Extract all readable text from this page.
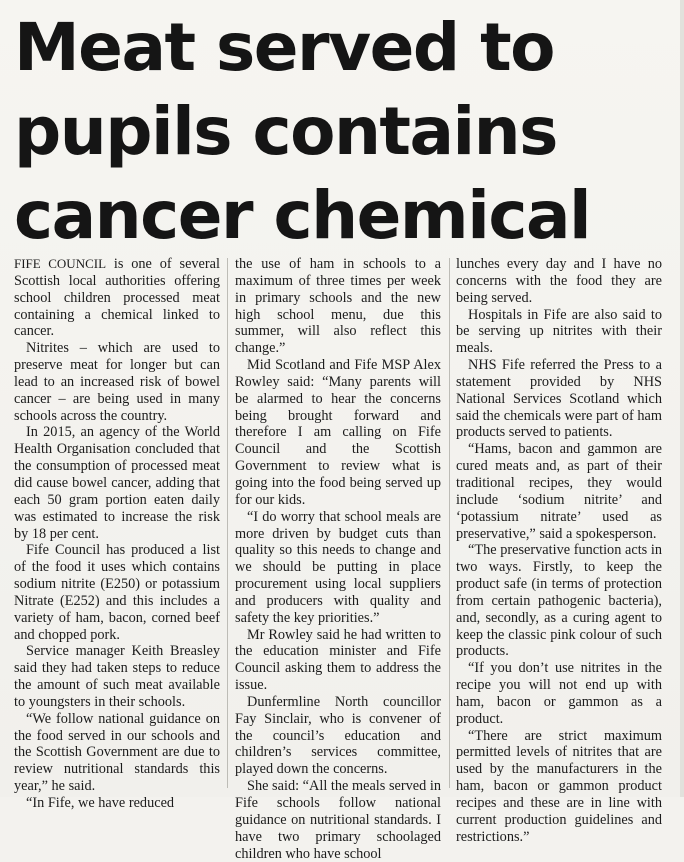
Meat served to
pupils contains
cancer chemical

FIFE COUNCIL is one of several Scottish local authorities offering school children processed meat containing a chemical linked to cancer.

Nitrites – which are used to preserve meat for longer but can lead to an increased risk of bowel cancer – are being used in many schools across the country.

In 2015, an agency of the World Health Organisation concluded that the consumption of processed meat did cause bowel cancer, adding that each 50 gram portion eaten daily was estimated to increase the risk by 18 per cent.

Fife Council has produced a list of the food it uses which contains sodium nitrite (E250) or potassium Nitrate (E252) and this includes a variety of ham, bacon, corned beef and chopped pork.

Service manager Keith Breasley said they had taken steps to reduce the amount of such meat available to youngsters in their schools.

“We follow national guidance on the food served in our schools and the Scottish Government are due to review nutritional standards this year,” he said.

“In Fife, we have reduced

the use of ham in schools to a maximum of three times per week in primary schools and the new high school menu, due this summer, will also reflect this change.”

Mid Scotland and Fife MSP Alex Rowley said: “Many parents will be alarmed to hear the concerns being brought forward and therefore I am calling on Fife Council and the Scottish Government to review what is going into the food being served up for our kids.

“I do worry that school meals are more driven by budget cuts than quality so this needs to change and we should be putting in place procurement using local suppliers and producers with quality and safety the key priorities.”

Mr Rowley said he had written to the education minister and Fife Council asking them to address the issue.

Dunfermline North councillor Fay Sinclair, who is convener of the council’s education and children’s services committee, played down the concerns.

She said: “All the meals served in Fife schools follow national guidance on nutritional standards. I have two primary schoolaged children who have school

lunches every day and I have no concerns with the food they are being served.

Hospitals in Fife are also said to be serving up nitrites with their meals.

NHS Fife referred the Press to a statement provided by NHS National Services Scotland which said the chemicals were part of ham products served to patients.

“Hams, bacon and gammon are cured meats and, as part of their traditional recipes, they would include ‘sodium nitrite’ and ‘potassium nitrate’ used as preservative,” said a spokesperson.

“The preservative function acts in two ways. Firstly, to keep the product safe (in terms of protection from certain pathogenic bacteria), and, secondly, as a curing agent to keep the classic pink colour of such products.

“If you don’t use nitrites in the recipe you will not end up with ham, bacon or gammon as a product.

“There are strict maximum permitted levels of nitrites that are used by the manufacturers in the ham, bacon or gammon product recipes and these are in line with current production guidelines and restrictions.”
